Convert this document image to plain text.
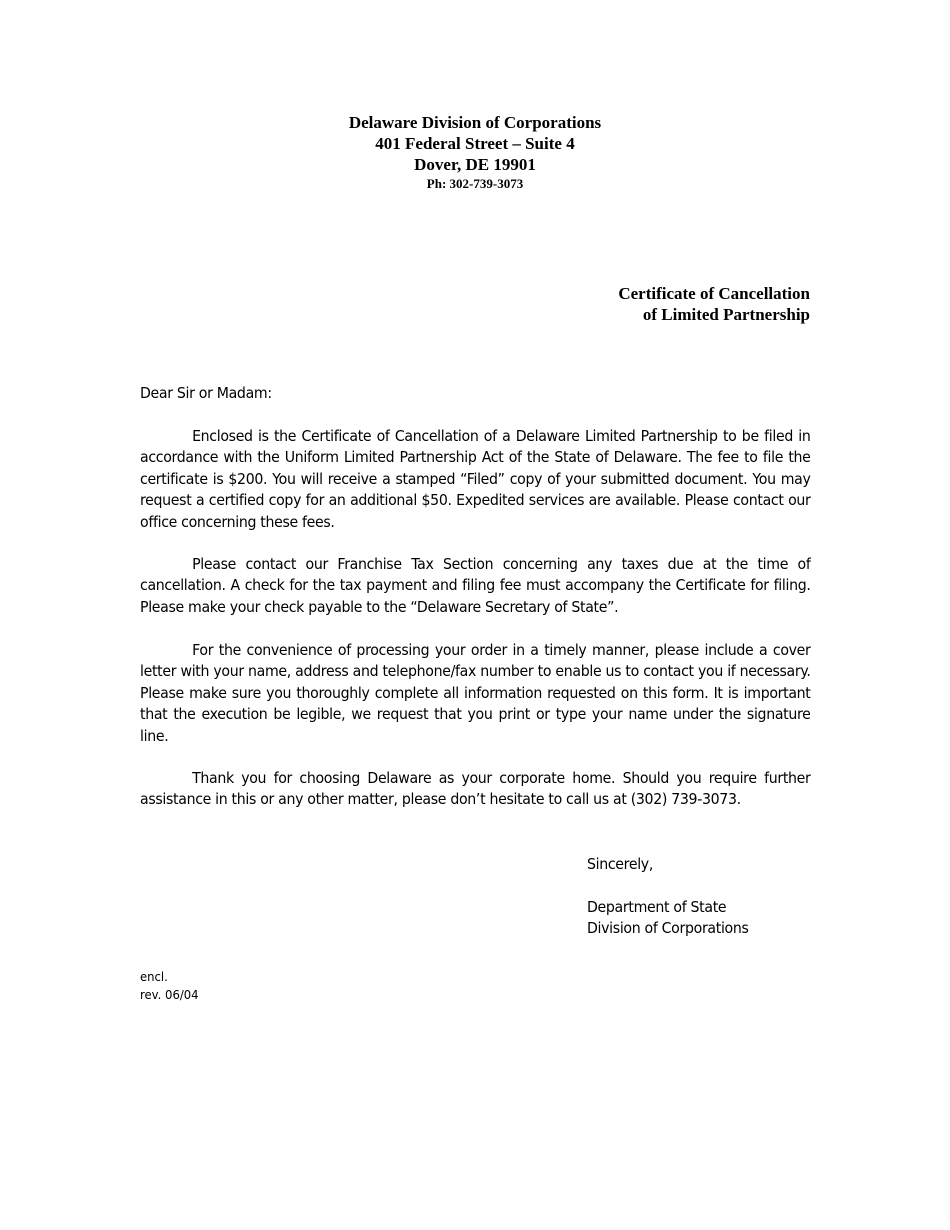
Delaware Division of Corporations
401 Federal Street – Suite 4
Dover, DE 19901
Ph: 302-739-3073
Certificate of Cancellation
of Limited Partnership
Dear Sir or Madam:
Enclosed is the Certificate of Cancellation of a Delaware Limited Partnership to be filed in accordance with the Uniform Limited Partnership Act of the State of Delaware. The fee to file the certificate is $200. You will receive a stamped “Filed” copy of your submitted document. You may request a certified copy for an additional $50. Expedited services are available. Please contact our office concerning these fees.
Please contact our Franchise Tax Section concerning any taxes due at the time of cancellation. A check for the tax payment and filing fee must accompany the Certificate for filing. Please make your check payable to the “Delaware Secretary of State”.
For the convenience of processing your order in a timely manner, please include a cover letter with your name, address and telephone/fax number to enable us to contact you if necessary. Please make sure you thoroughly complete all information requested on this form. It is important that the execution be legible, we request that you print or type your name under the signature line.
Thank you for choosing Delaware as your corporate home. Should you require further assistance in this or any other matter, please don’t hesitate to call us at (302) 739-3073.
Sincerely,
Department of State
Division of Corporations
encl.
rev. 06/04
